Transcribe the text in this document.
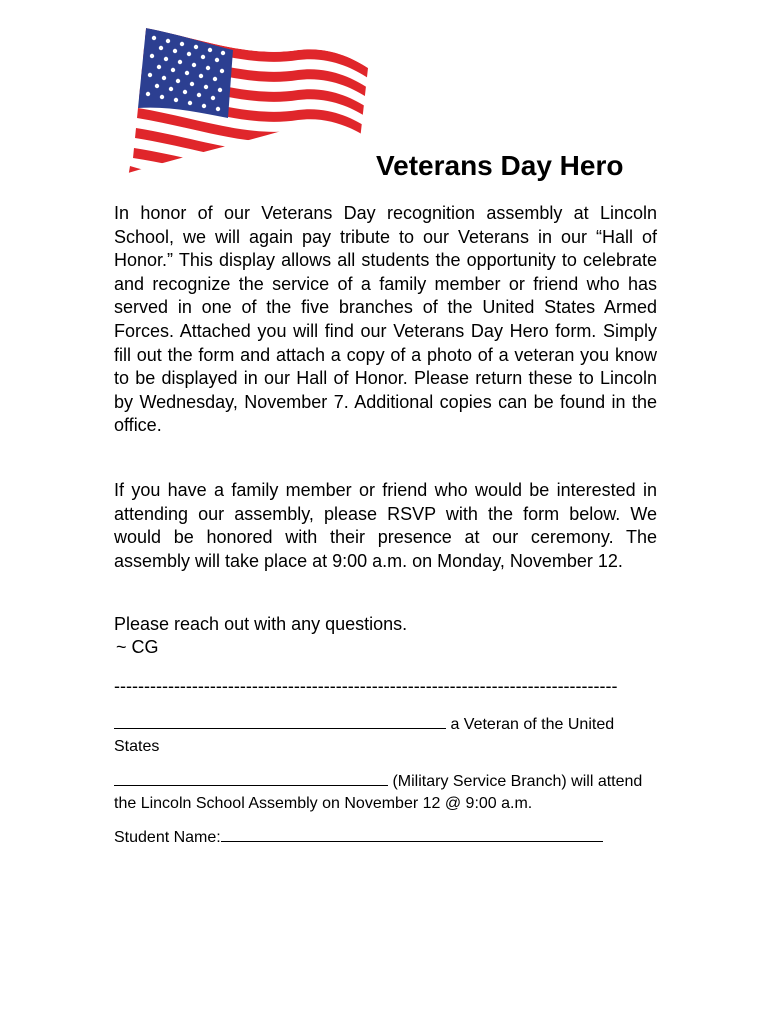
Veterans Day Hero

In honor of our Veterans Day recognition assembly at Lincoln School, we will again pay tribute to our Veterans in our “Hall of Honor.” This display allows all students the opportunity to celebrate and recognize the service of a family member or friend who has served in one of the five branches of the United States Armed Forces. Attached you will find our Veterans Day Hero form. Simply fill out the form and attach a copy of a photo of a veteran you know to be displayed in our Hall of Honor. Please return these to Lincoln by Wednesday, November 7. Additional copies can be found in the office.

If you have a family member or friend who would be interested in attending our assembly, please RSVP with the form below. We would be honored with their presence at our ceremony. The assembly will take place at 9:00 a.m. on Monday, November 12.

Please reach out with any questions.

~ CG
------------------------------------------------------------------------------------

a Veteran of the United States

(Military Service Branch) will attend the Lincoln School Assembly on November 12 @ 9:00 a.m.

Student Name:
